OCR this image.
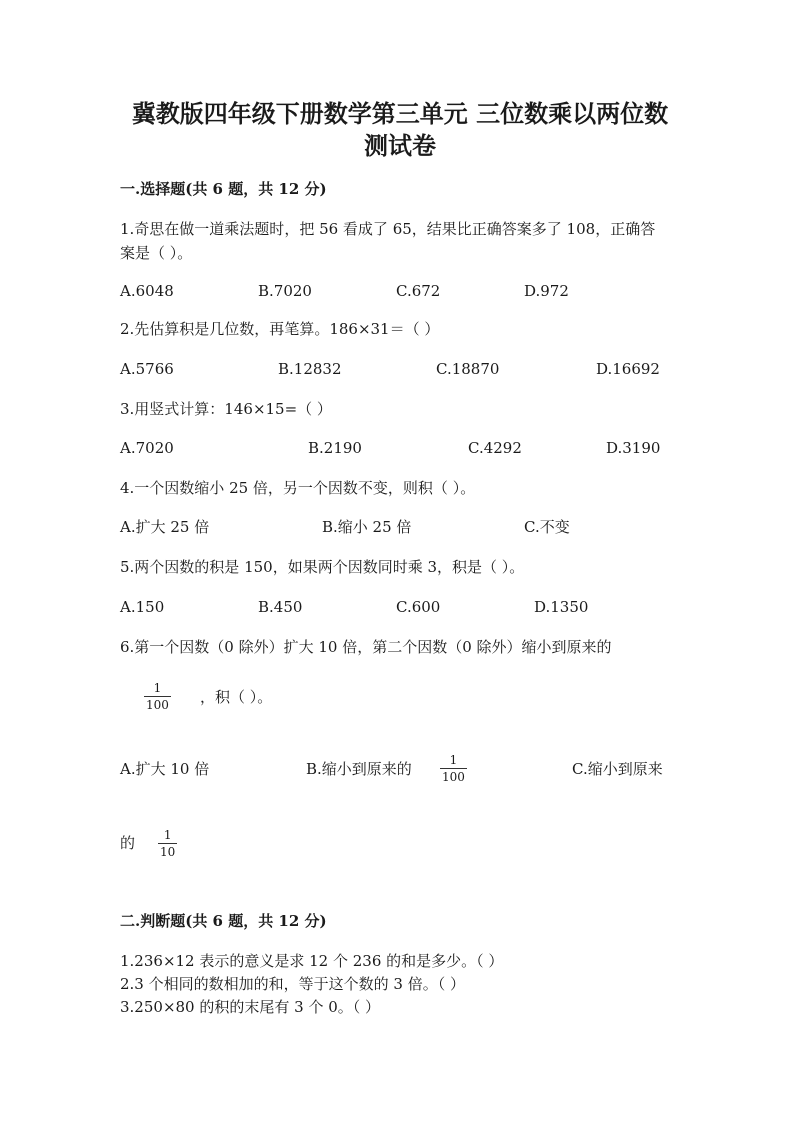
冀教版四年级下册数学第三单元 三位数乘以两位数
测试卷
一.选择题(共 6 题，共 12 分)
1.奇思在做一道乘法题时，把 56 看成了 65，结果比正确答案多了 108，正确答
案是（ ）。
A.6048	B.7020	C.672	D.972
2.先估算积是几位数，再笔算。186×31＝（ ）
A.5766	B.12832	C.18870	D.16692
3.用竖式计算：146×15=（ ）
A.7020	B.2190	C.4292	D.3190
4.一个因数缩小 25 倍，另一个因数不变，则积（ ）。
A.扩大 25 倍	B.缩小 25 倍	C.不变
5.两个因数的积是 150，如果两个因数同时乘 3，积是（ ）。
A.150	B.450	C.600	D.1350
6.第一个因数（0 除外）扩大 10 倍，第二个因数（0 除外）缩小到原来的
1
100 ，积（ ）。
A.扩大 10 倍	B.缩小到原来的	1
100	C.缩小到原来
的 1
10
二.判断题(共 6 题，共 12 分)
1.236×12 表示的意义是求 12 个 236 的和是多少。（ ）
2.3 个相同的数相加的和，等于这个数的 3 倍。（ ）
3.250×80 的积的末尾有 3 个 0。（ ）
